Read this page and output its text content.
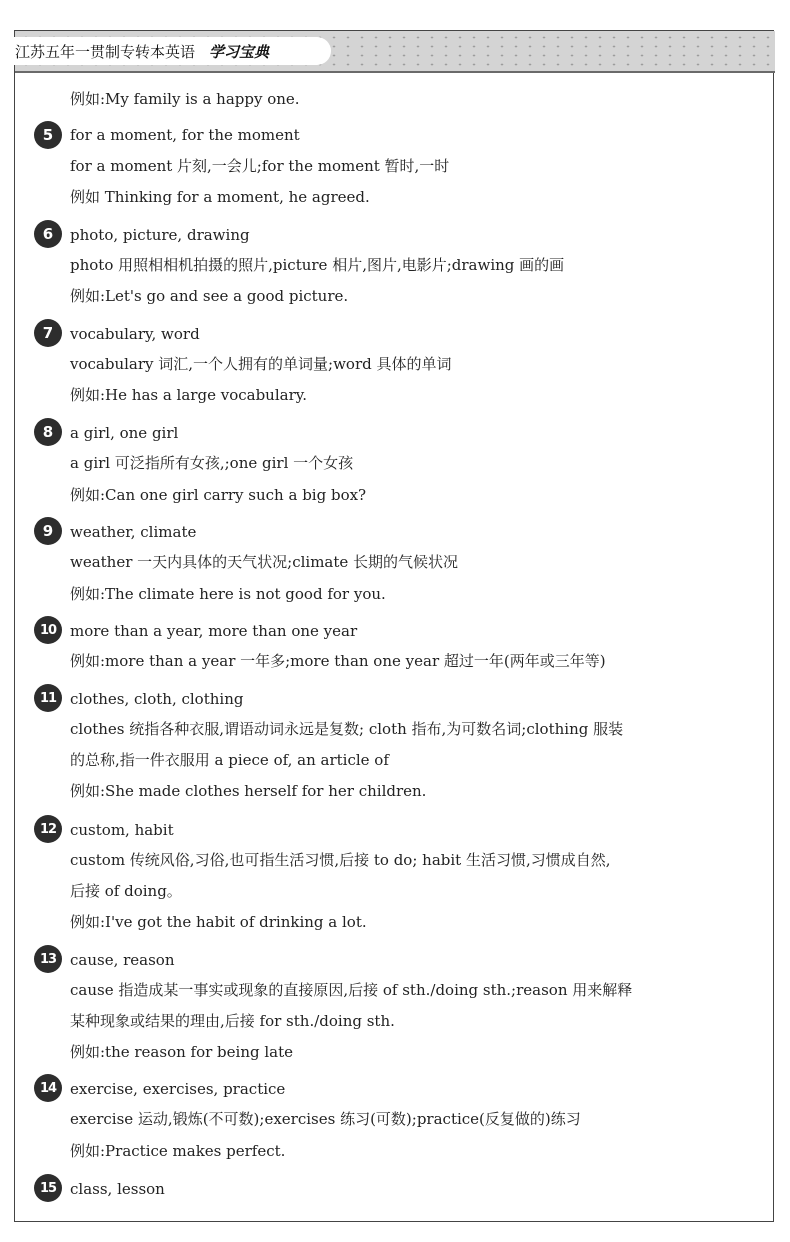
江苏五年一贯制专转本英语 学习宝典
例如:My family is a happy one.
5	for a moment, for the moment
for a moment 片刻,一会儿;for the moment 暂时,一时
例如 Thinking for a moment, he agreed.
6	photo, picture, drawing
photo 用照相相机拍摄的照片,picture 相片,图片,电影片;drawing 画的画
例如:Let's go and see a good picture.
7	vocabulary, word
vocabulary 词汇,一个人拥有的单词量;word 具体的单词
例如:He has a large vocabulary.
8	a girl, one girl
a girl 可泛指所有女孩,;one girl 一个女孩
例如:Can one girl carry such a big box?
9	weather, climate
weather 一天内具体的天气状况;climate 长期的气候状况
例如:The climate here is not good for you.
10 more than a year, more than one year
例如:more than a year 一年多;more than one year 超过一年(两年或三年等)
11 clothes, cloth, clothing
clothes 统指各种衣服,谓语动词永远是复数; cloth 指布,为可数名词;clothing 服装
的总称,指一件衣服用 a piece of, an article of
例如:She made clothes herself for her children.
12 custom, habit
custom 传统风俗,习俗,也可指生活习惯,后接 to do; habit 生活习惯,习惯成自然,
后接 of doing。
例如:I've got the habit of drinking a lot.
13 cause, reason
cause 指造成某一事实或现象的直接原因,后接 of sth./doing sth.;reason 用来解释
某种现象或结果的理由,后接 for sth./doing sth.
例如:the reason for being late
14 exercise, exercises, practice
exercise 运动,锻炼(不可数);exercises 练习(可数);practice(反复做的)练习
例如:Practice makes perfect.
15 class, lesson
